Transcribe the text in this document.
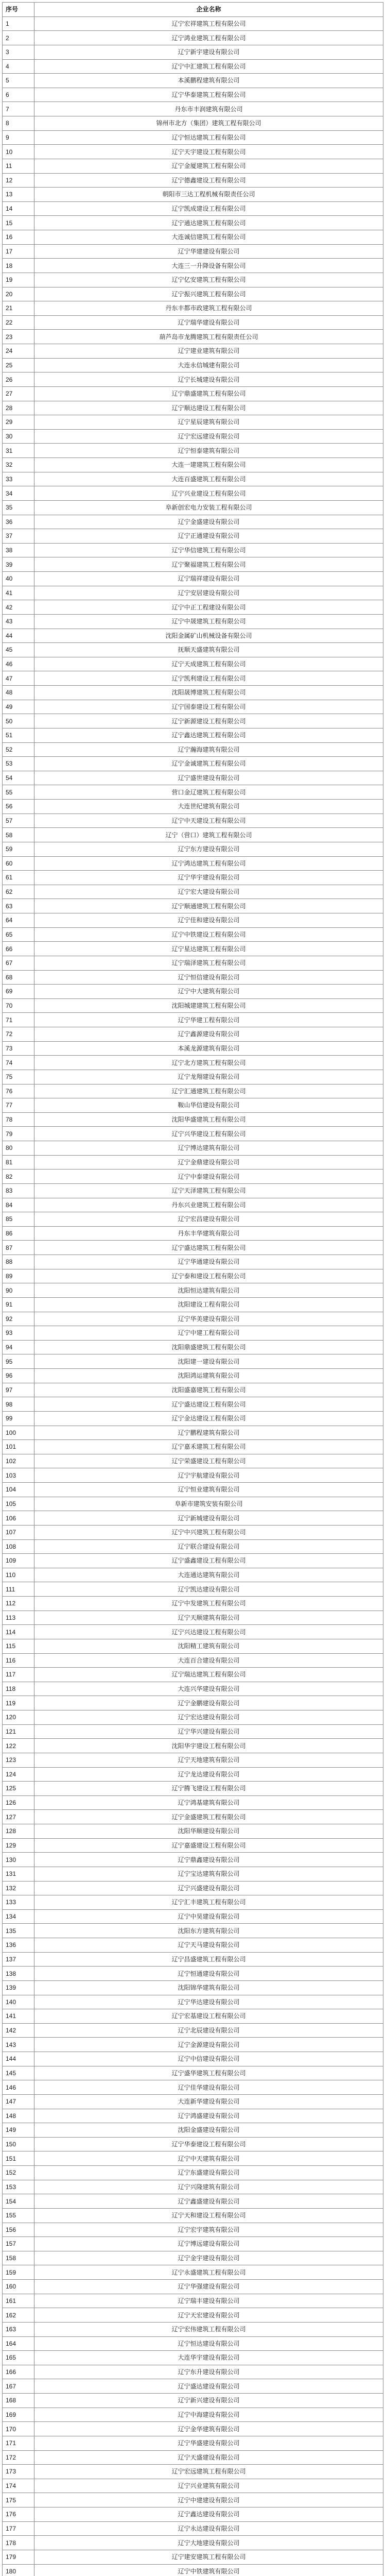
序号	企业名称
1	辽宁宏祥建筑工程有限公司
2	辽宁鸿业建筑工程有限公司
3	辽宁新宇建设有限公司
4	辽宁中汇建筑工程有限公司
5	本溪鹏程建筑有限公司
6	辽宁华泰建筑工程有限公司
7	丹东市丰润建筑有限公司
8	锦州市北方（集团）建筑工程有限公司
9	辽宁恒达建筑工程有限公司
10	辽宁天宇建设工程有限公司
11	辽宁金厦建筑工程有限公司
12	辽宁德鑫建设工程有限公司
13	朝阳市三达工程机械有限责任公司
14	辽宁凯成建设工程有限公司
15	辽宁通达建筑工程有限公司
16	大连诚信建筑工程有限公司
17	辽宁华建建设有限公司
18	大连三一升降设备有限公司
19	辽宁亿安建筑工程有限公司
20	辽宁振兴建筑工程有限公司
21	丹东丰都市政建筑工程有限公司
22	辽宁瑞华建设有限公司
23	葫芦岛市龙腾建筑工程有限责任公司
24	辽宁建业建筑有限公司
25	大连永信城建有限公司
26	辽宁长城建设有限公司
27	辽宁鼎盛建筑工程有限公司
28	辽宁顺达建设工程有限公司
29	辽宁星辰建筑有限公司
30	辽宁宏远建设有限公司
31	辽宁恒泰建筑有限公司
32	大连一建建筑工程有限公司
33	大连百盛建筑工程有限公司
34	辽宁兴业建设工程有限公司
35	阜新创宏电力安装工程有限公司
36	辽宁金盛建设有限公司
37	辽宁正通建设有限公司
38	辽宁华信建筑工程有限公司
39	辽宁聚福建筑工程有限公司
40	辽宁瑞祥建设有限公司
41	辽宁安居建设有限公司
42	辽宁中正工程建设有限公司
43	辽宁中晟建筑工程有限公司
44	沈阳金属矿山机械设备有限公司
45	抚顺天盛建筑有限公司
46	辽宁天成建筑工程有限公司
47	辽宁凯利建设工程有限公司
48	沈阳晟博建筑工程有限公司
49	辽宁国泰建设工程有限公司
50	辽宁新源建设工程有限公司
51	辽宁鑫达建筑工程有限公司
52	辽宁瀚海建筑有限公司
53	辽宁金诚建筑工程有限公司
54	辽宁盛世建设有限公司
55	营口金辽建筑工程有限公司
56	大连世纪建筑有限公司
57	辽宁中天建设工程有限公司
58	辽宁（营口）建筑工程有限公司
59	辽宁东方建设有限公司
60	辽宁鸿达建筑工程有限公司
61	辽宁华宇建设有限公司
62	辽宁宏大建设有限公司
63	辽宁顺通建筑工程有限公司
64	辽宁佳和建设有限公司
65	辽宁中铁建设工程有限公司
66	辽宁星达建筑工程有限公司
67	辽宁瑞泽建筑工程有限公司
68	辽宁恒信建设有限公司
69	辽宁中大建筑有限公司
70	沈阳城建建筑工程有限公司
71	辽宁华建工程有限公司
72	辽宁鑫源建设有限公司
73	本溪龙源建筑有限公司
74	辽宁北方建筑工程有限公司
75	辽宁龙翔建设有限公司
76	辽宁汇通建筑工程有限公司
77	鞍山华信建设有限公司
78	沈阳华盛建筑工程有限公司
79	辽宁兴华建设工程有限公司
80	辽宁博达建筑有限公司
81	辽宁金鼎建设有限公司
82	辽宁中泰建设有限公司
83	辽宁天泽建筑工程有限公司
84	丹东兴业建筑工程有限公司
85	辽宁宏昌建设有限公司
86	丹东丰华建筑有限公司
87	辽宁盛达建筑工程有限公司
88	辽宁华通建设有限公司
89	辽宁泰和建设工程有限公司
90	沈阳恒达建筑有限公司
91	沈阳建设工程有限公司
92	辽宁华美建设有限公司
93	辽宁中建工程有限公司
94	沈阳鼎盛建筑工程有限公司
95	沈阳建一建设有限公司
96	沈阳鸿运建筑有限公司
97	沈阳盛嘉建筑工程有限公司
98	辽宁盛达建设工程有限公司
99	辽宁金达建设工程有限公司
100	辽宁鹏程建筑有限公司
101	辽宁嘉禾建筑工程有限公司
102	辽宁荣盛建设工程有限公司
103	辽宁宇航建设有限公司
104	辽宁恒业建筑有限公司
105	阜新市建筑安装有限公司
106	辽宁新城建设有限公司
107	辽宁中兴建筑工程有限公司
108	辽宁联合建设有限公司
109	辽宁盛鑫建设工程有限公司
110	大连通达建筑有限公司
111	辽宁凯达建设有限公司
112	辽宁中发建筑工程有限公司
113	辽宁天顺建筑有限公司
114	辽宁兴达建设工程有限公司
115	沈阳精工建筑有限公司
116	大连百合建设有限公司
117	辽宁瑞达建筑工程有限公司
118	大连兴华建设有限公司
119	辽宁金鹏建设有限公司
120	辽宁宏达建设有限公司
121	辽宁华兴建设有限公司
122	沈阳华宇建设工程有限公司
123	辽宁天地建筑有限公司
124	辽宁龙达建设有限公司
125	辽宁腾飞建设工程有限公司
126	辽宁鸿基建筑有限公司
127	辽宁金盛建筑工程有限公司
128	沈阳华顺建设有限公司
129	辽宁嘉盛建设工程有限公司
130	辽宁鼎鑫建设有限公司
131	辽宁宝达建筑有限公司
132	辽宁兴盛建设有限公司
133	辽宁汇丰建筑工程有限公司
134	辽宁中昊建设有限公司
135	沈阳东方建筑有限公司
136	辽宁天马建设有限公司
137	辽宁昌盛建筑工程有限公司
138	辽宁恒通建设有限公司
139	沈阳锦华建筑有限公司
140	辽宁华达建设有限公司
141	辽宁宏基建设工程有限公司
142	辽宁北辰建设有限公司
143	辽宁金源建设有限公司
144	辽宁中信建设有限公司
145	辽宁盛华建筑工程有限公司
146	辽宁佳华建设有限公司
147	大连新华建设有限公司
148	辽宁鸿盛建设有限公司
149	沈阳金盛建设有限公司
150	辽宁华泰建设工程有限公司
151	辽宁中天建筑有限公司
152	辽宁东盛建设有限公司
153	辽宁兴隆建筑有限公司
154	辽宁鑫盛建设有限公司
155	辽宁天和建设工程有限公司
156	辽宁宏宇建筑有限公司
157	辽宁博远建设有限公司
158	辽宁金宇建设有限公司
159	辽宁永盛建筑工程有限公司
160	辽宁华强建设有限公司
161	辽宁瑞丰建设有限公司
162	辽宁天宏建设有限公司
163	辽宁宏伟建筑工程有限公司
164	辽宁恒达建设有限公司
165	大连华宇建设有限公司
166	辽宁东升建设有限公司
167	辽宁盛达建设有限公司
168	辽宁新兴建设有限公司
169	辽宁中海建设有限公司
170	辽宁金华建筑有限公司
171	辽宁华盛建设有限公司
172	辽宁天盛建设有限公司
173	辽宁宏远建筑工程有限公司
174	辽宁兴业建筑有限公司
175	辽宁中建建设有限公司
176	辽宁鑫达建设有限公司
177	辽宁永达建设有限公司
178	辽宁大地建设有限公司
179	辽宁建安建筑工程有限公司
180	辽宁中铁建筑有限公司
